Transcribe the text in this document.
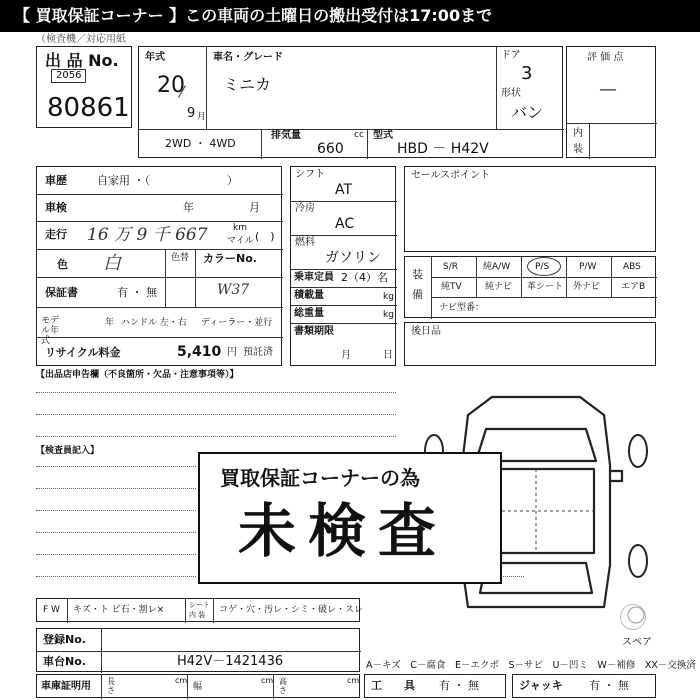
【 買取保証コーナー 】この車両の土曜日の搬出受付は17:00まで
（検査機／対応用紙
出 品 No.
2056
80861
年式
20
9 月
車名・グレード
ミニカ
ドア
3
形状
バン
2WD ・ 4WD
排気量	cc
660
型式
HBD － H42V
評 価 点
—
内
装
車歴	自家用 ・（　　　　　　　）
車検	年	月
走行 16 万 9 千 667	km
マイル (　)
色 白	色替 カラーNo.
W37
保証書	有 ・ 無
モデル年式
年 ハンドル 左・右 ディーラー・並行
リサイクル料金	5,410 円 預託済
シフト
AT
冷房
AC
燃料
ガソリン
乗車定員 2（4）名
積載量	kg
総重量	kg
書類期限
月	日
セールスポイント
装
備
S/R	純A/W	P/S	P/W	ABS
純TV	純ナビ 革シート 外ナビ エアB
ナビ型番：
後日品
【出品店申告欄（不良箇所・欠品・注意事項等）】
【検査員記入】
スペア
買取保証コーナーの為
未検査
F W キズ・ト ビ石・割レ×	シート
内 装 コゲ・穴・汚レ・シミ・破レ・スレ
登録No.
車台No.	H42V－1421436
車庫証明用 長さ
cm
幅
cm 高さ
cm
A－キズ　C－腐食　E－エクボ　S－サビ　U－凹ミ　W－補修　XX－交換済
工　　具 有 ・ 無	ジャッキ 有 ・ 無
